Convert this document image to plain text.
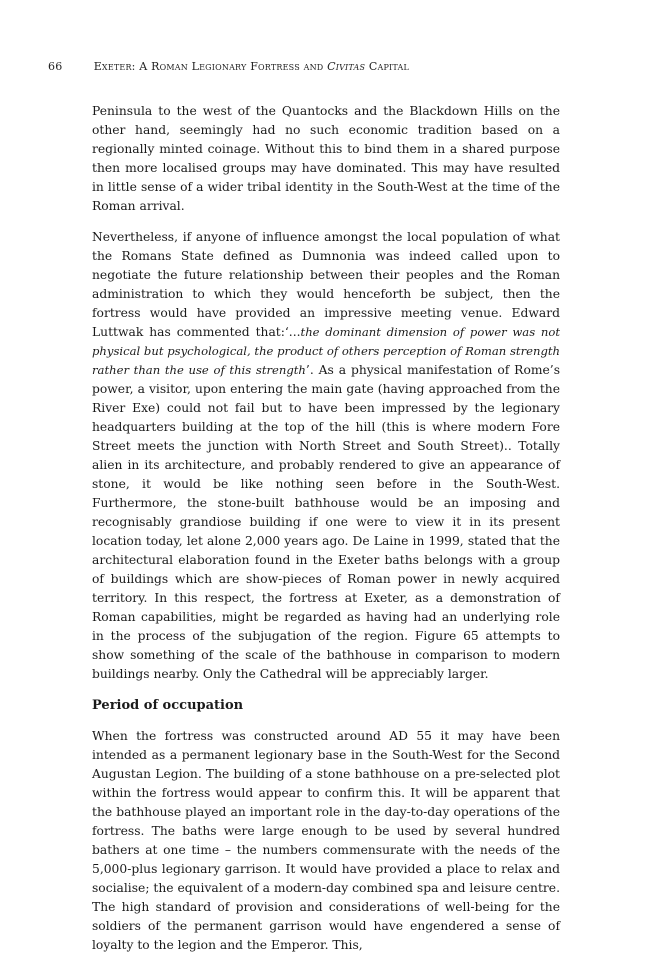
66	Exeter: A Roman Legionary Fortress and Civitas Capital

Peninsula to the west of the Quantocks and the Blackdown Hills on the other hand, seemingly had no such economic tradition based on a regionally minted coinage. Without this to bind them in a shared purpose then more localised groups may have dominated. This may have resulted in little sense of a wider tribal identity in the South-West at the time of the Roman arrival.

Nevertheless, if anyone of influence amongst the local population of what the Romans State defined as Dumnonia was indeed called upon to negotiate the future relationship between their peoples and the Roman administration to which they would henceforth be subject, then the fortress would have provided an impressive meeting venue. Edward Luttwak has commented that:‘...the dominant dimension of power was not physical but psychological, the product of others perception of Roman strength rather than the use of this strength’. As a physical manifestation of Rome’s power, a visitor, upon entering the main gate (having approached from the River Exe) could not fail but to have been impressed by the legionary headquarters building at the top of the hill (this is where modern Fore Street meets the junction with North Street and South Street).. Totally alien in its architecture, and probably rendered to give an appearance of stone, it would be like nothing seen before in the South-West. Furthermore, the stone-built bathhouse would be an imposing and recognisably grandiose building if one were to view it in its present location today, let alone 2,000 years ago. De Laine in 1999, stated that the architectural elaboration found in the Exeter baths belongs with a group of buildings which are show-pieces of Roman power in newly acquired territory. In this respect, the fortress at Exeter, as a demonstration of Roman capabilities, might be regarded as having had an underlying role in the process of the subjugation of the region. Figure 65 attempts to show something of the scale of the bathhouse in comparison to modern buildings nearby. Only the Cathedral will be appreciably larger.

Period of occupation

When the fortress was constructed around AD 55 it may have been intended as a permanent legionary base in the South-West for the Second Augustan Legion. The building of a stone bathhouse on a pre-selected plot within the fortress would appear to confirm this. It will be apparent that the bathhouse played an important role in the day-to-day operations of the fortress. The baths were large enough to be used by several hundred bathers at one time – the numbers commensurate with the needs of the 5,000-plus legionary garrison. It would have provided a place to relax and socialise; the equivalent of a modern-day combined spa and leisure centre. The high standard of provision and considerations of well-being for the soldiers of the permanent garrison would have engendered a sense of loyalty to the legion and the Emperor. This,
